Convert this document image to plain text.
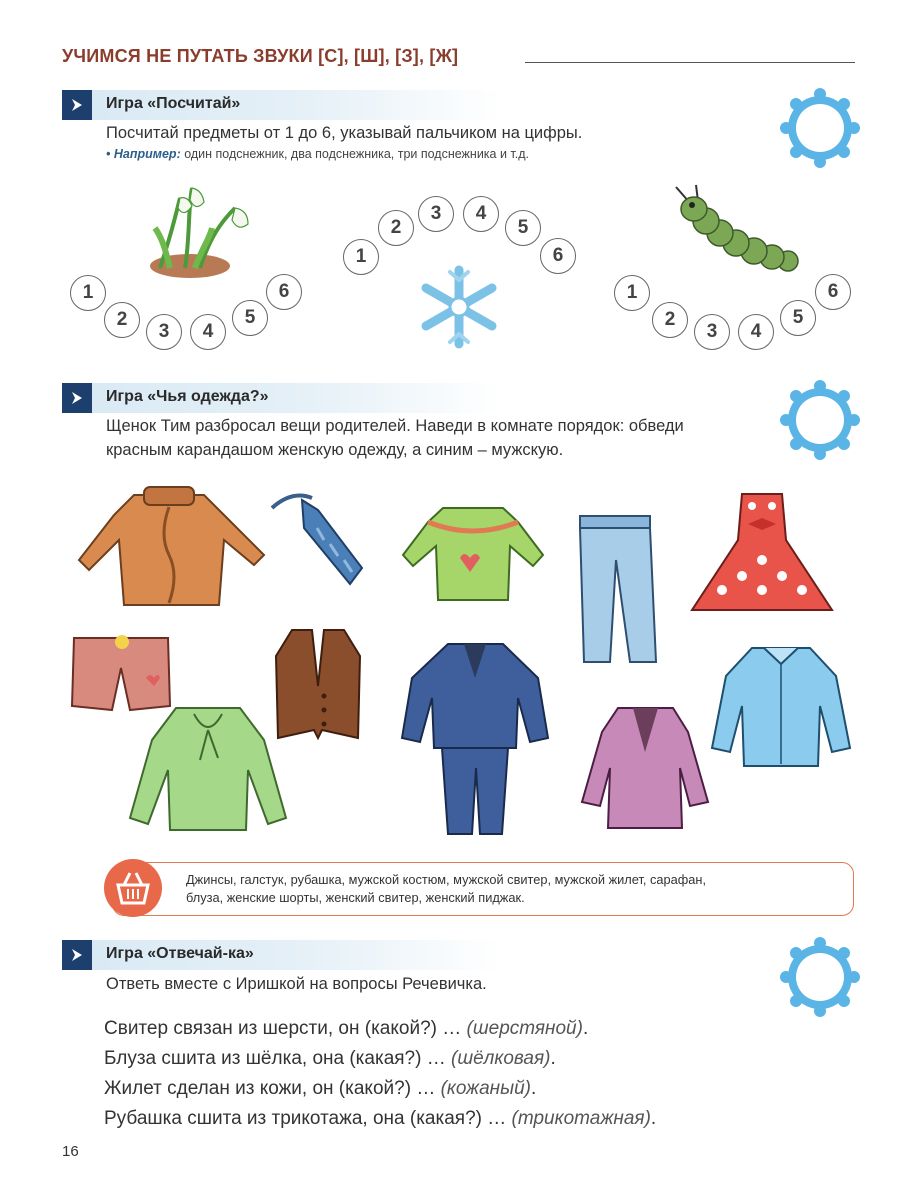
УЧИМСЯ НЕ ПУТАТЬ ЗВУКИ [С], [Ш], [З], [Ж]
Игра «Посчитай»
Посчитай предметы от 1 до 6, указывай пальчиком на цифры.
• Например: один подснежник, два подснежника, три подснежника и т.д.
1
2
3	4
5
6
1
2
3	4
5
6
1
2
3	4
5
6
Игра «Чья одежда?»
Щенок Тим разбросал вещи родителей. Наведи в комнате порядок: обведи
красным карандашом женскую одежду, а синим – мужскую.
Джинсы, галстук, рубашка, мужской костюм, мужской свитер, мужской жилет, сарафан,
блуза, женские шорты, женский свитер, женский пиджак.
Игра «Отвечай-ка»
Ответь вместе с Иришкой на вопросы Речевичка.
Свитер связан из шерсти, он (какой?) … (шерстяной).
Блуза сшита из шёлка, она (какая?) … (шёлковая).
Жилет сделан из кожи, он (какой?) … (кожаный).
Рубашка сшита из трикотажа, она (какая?) … (трикотажная).
16
